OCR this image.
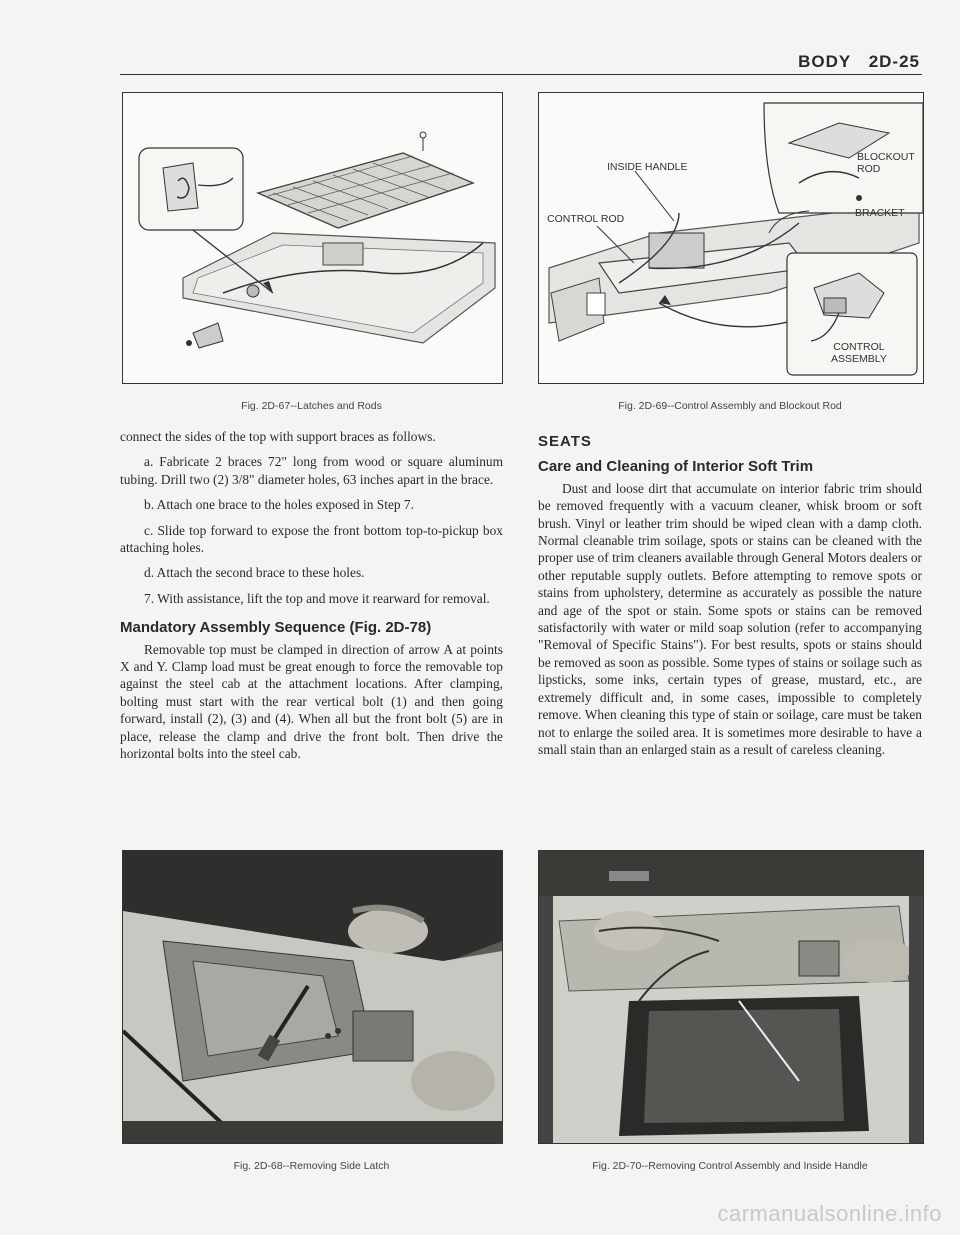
BODY 2D-25
Fig. 2D-67--Latches and Rods
INSIDE HANDLE
CONTROL ROD
BLOCKOUT
ROD
BRACKET
CONTROL
ASSEMBLY
Fig. 2D-69--Control Assembly and Blockout Rod

connect the sides of the top with support braces as follows.

a. Fabricate 2 braces 72" long from wood or square aluminum tubing. Drill two (2) 3/8" diameter holes, 63 inches apart in the brace.

b. Attach one brace to the holes exposed in Step 7.

c. Slide top forward to expose the front bottom top-to-pickup box attaching holes.

d. Attach the second brace to these holes.

7. With assistance, lift the top and move it rearward for removal.

Mandatory Assembly Sequence (Fig. 2D-78)

Removable top must be clamped in direction of arrow A at points X and Y. Clamp load must be great enough to force the removable top against the steel cab at the attachment locations. After clamping, bolting must start with the rear vertical bolt (1) and then going forward, install (2), (3) and (4). When all but the front bolt (5) are in place, release the clamp and drive the front bolt. Then drive the horizontal bolts into the steel cab.

SEATS
Care and Cleaning of Interior Soft Trim

Dust and loose dirt that accumulate on interior fabric trim should be removed frequently with a vacuum cleaner, whisk broom or soft brush. Vinyl or leather trim should be wiped clean with a damp cloth. Normal cleanable trim soilage, spots or stains can be cleaned with the proper use of trim cleaners available through General Motors dealers or other reputable supply outlets. Before attempting to remove spots or stains from upholstery, determine as accurately as possible the nature and age of the spot or stain. Some spots or stains can be removed satisfactorily with water or mild soap solution (refer to accompanying "Removal of Specific Stains"). For best results, spots or stains should be removed as soon as possible. Some types of stains or soilage such as lipsticks, some inks, certain types of grease, mustard, etc., are extremely difficult and, in some cases, impossible to completely remove. When cleaning this type of stain or soilage, care must be taken not to enlarge the soiled area. It is sometimes more desirable to have a small stain than an enlarged stain as a result of careless cleaning.

Fig. 2D-68--Removing Side Latch	Fig. 2D-70--Removing Control Assembly and Inside Handle
carmanualsonline.info
